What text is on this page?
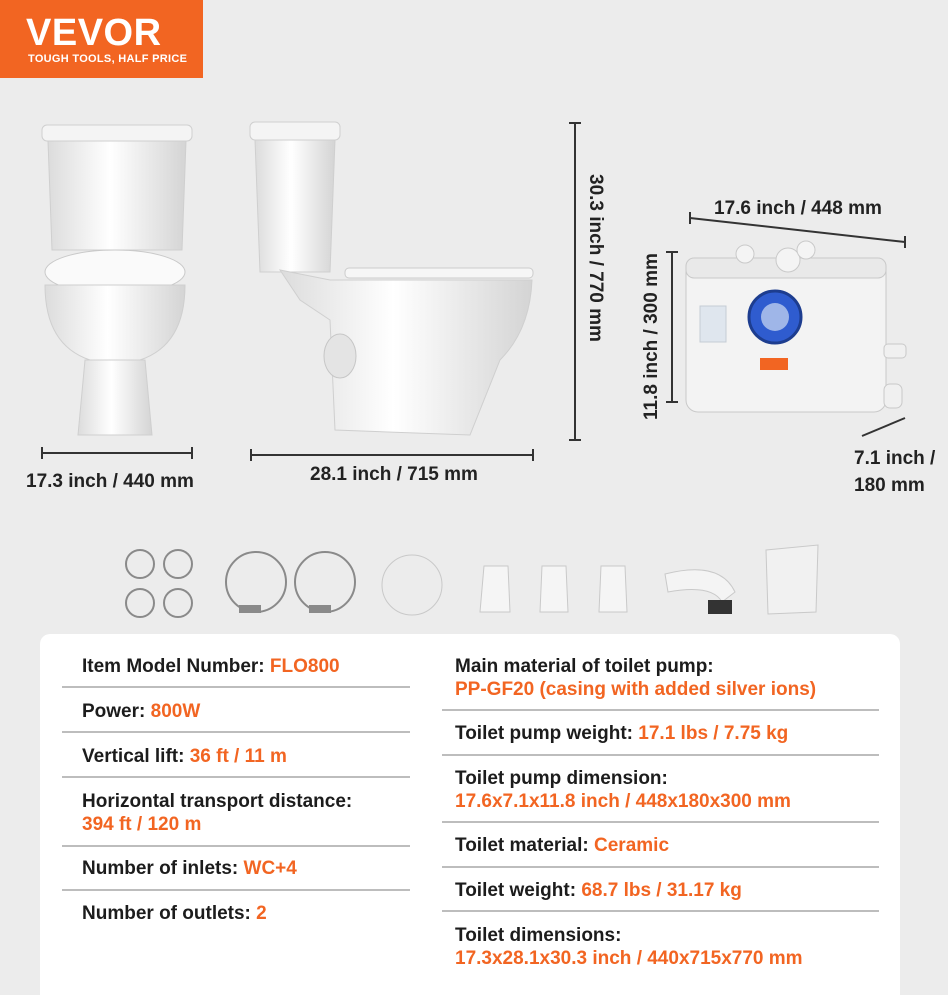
VEVOR
TOUGH TOOLS, HALF PRICE
17.3 inch / 440 mm	28.1 inch / 715 mm
30.3 inch / 770 mm	17.6 inch / 448 mm
11.8 inch / 300 mm
7.1 inch /
180 mm
Item Model Number: FLO800
Power: 800W
Vertical lift: 36 ft / 11 m
Horizontal transport distance:
394 ft / 120 m
Number of inlets: WC+4
Number of outlets: 2
Main material of toilet pump:
PP-GF20 (casing with added silver ions)
Toilet pump weight: 17.1 lbs / 7.75 kg
Toilet pump dimension:
17.6x7.1x11.8 inch / 448x180x300 mm
Toilet material: Ceramic
Toilet weight: 68.7 lbs / 31.17 kg
Toilet dimensions:
17.3x28.1x30.3 inch / 440x715x770 mm
